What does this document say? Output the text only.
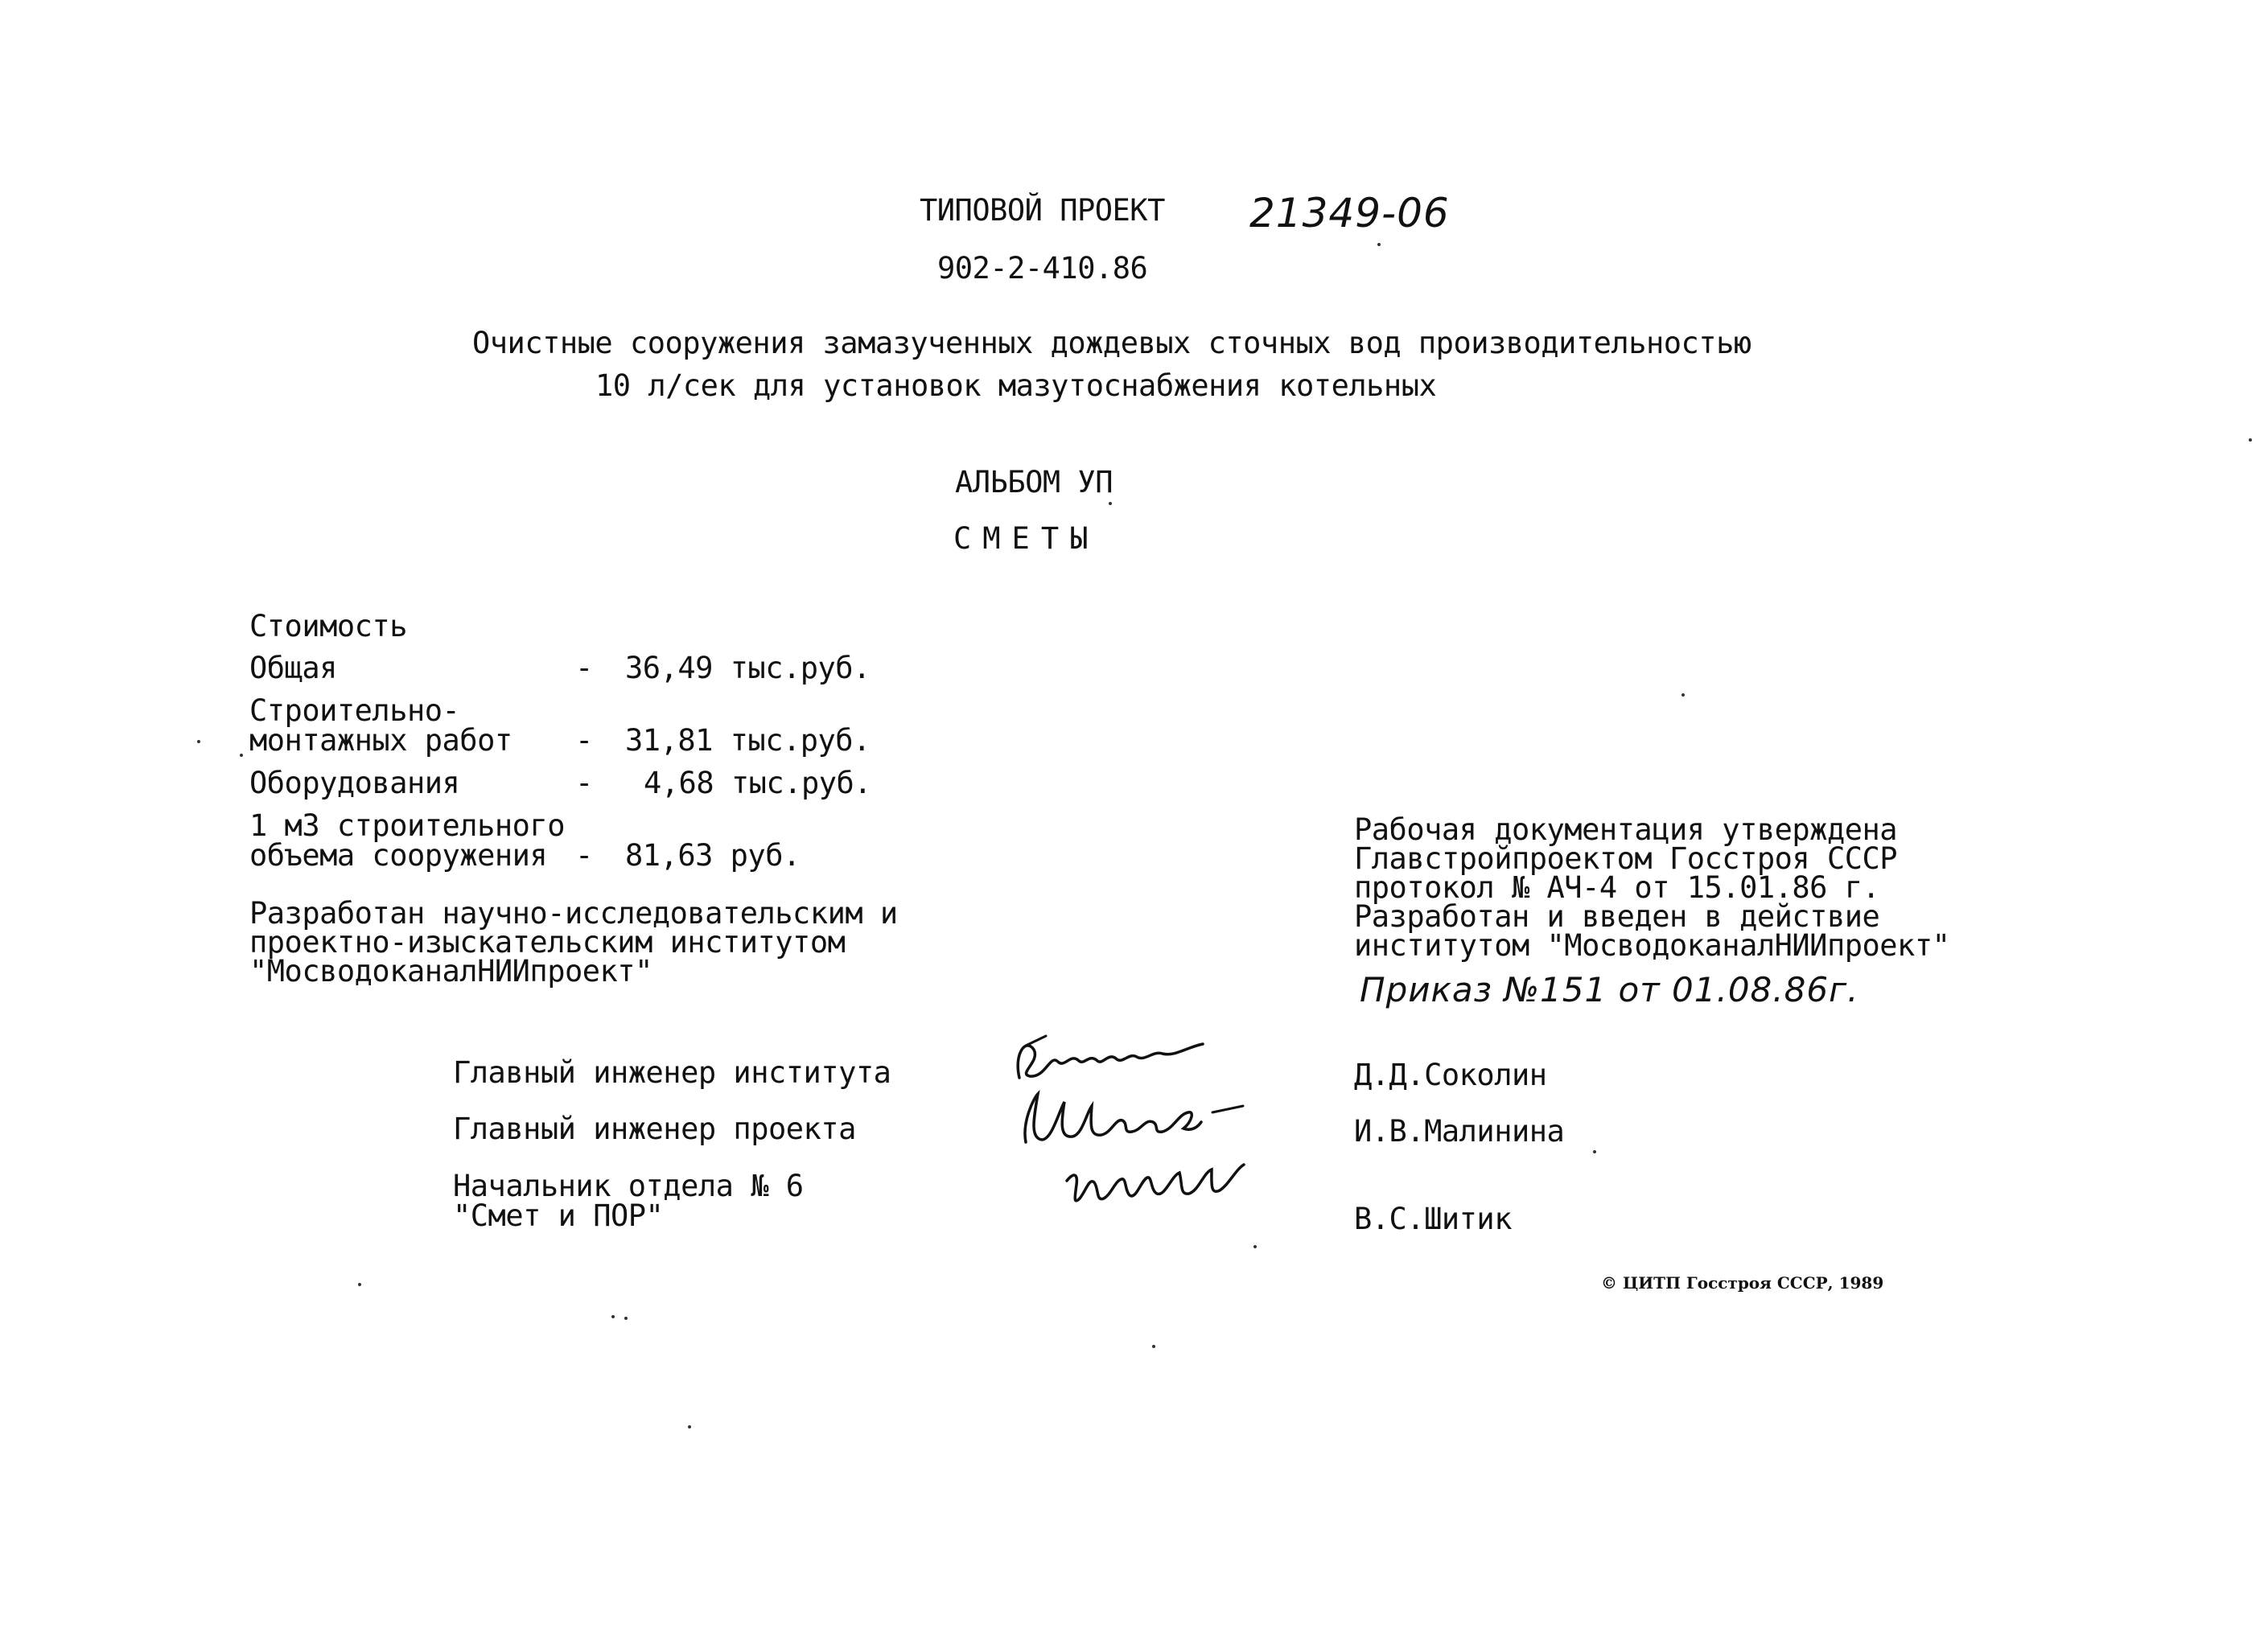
ТИПОВОЙ ПРОЕКТ 21349-06
902-2-410.86
Очистные сооружения замазученных дождевых сточных вод производительностью
10 л/сек для установок мазутоснабжения котельных
АЛЬБОМ УП
СМЕТЫ
Стоимость
Общая	- 36,49 тыс.руб.
Строительно-
монтажных работ - 31,81 тыс.руб.
Оборудования	- 4,68 тыс.руб.
1 м3 строительного
объема сооружения - 81,63 руб.
Разработан научно-исследовательским и
проектно-изыскательским институтом
"МосводоканалНИИпроект"
Рабочая документация утверждена
Главстройпроектом Госстроя СССР
протокол № АЧ-4 от 15.01.86 г.
Разработан и введен в действие
институтом "МосводоканалНИИпроект"
Приказ №151 от 01.08.86г.
Главный инженер института	Д.Д.Соколин
Главный инженер проекта	И.В.Малинина
Начальник отдела № 6
"Смет и ПОР"	В.С.Шитик
© ЦИТП Госстроя СССР, 1989
